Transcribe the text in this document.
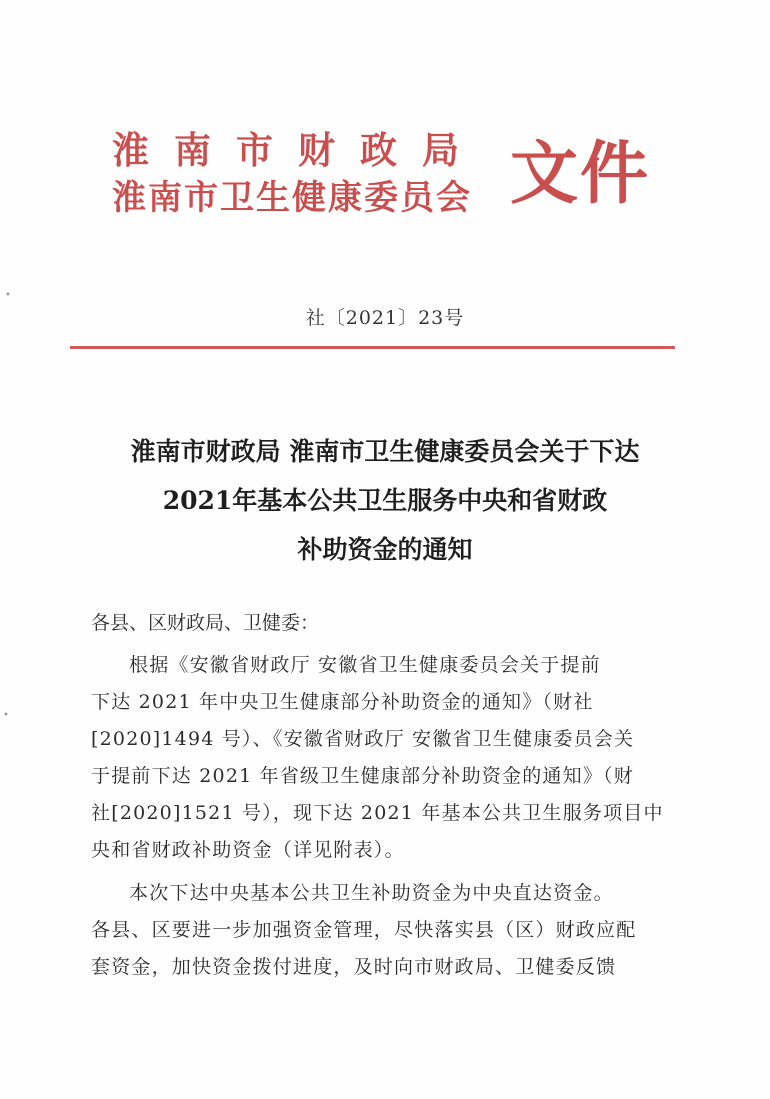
淮南市财政局
淮南市卫生健康委员会 文件
社〔2021〕23号
淮南市财政局 淮南市卫生健康委员会关于下达
2021年基本公共卫生服务中央和省财政
补助资金的通知
各县、区财政局、卫健委：
根据《安徽省财政厅 安徽省卫生健康委员会关于提前
下达 2021 年中央卫生健康部分补助资金的通知》（财社
[2020]1494 号）、《安徽省财政厅 安徽省卫生健康委员会关
于提前下达 2021 年省级卫生健康部分补助资金的通知》（财
社[2020]1521 号），现下达 2021 年基本公共卫生服务项目中
央和省财政补助资金（详见附表）。
本次下达中央基本公共卫生补助资金为中央直达资金。
各县、区要进一步加强资金管理，尽快落实县（区）财政应配
套资金，加快资金拨付进度，及时向市财政局、卫健委反馈
•
•
